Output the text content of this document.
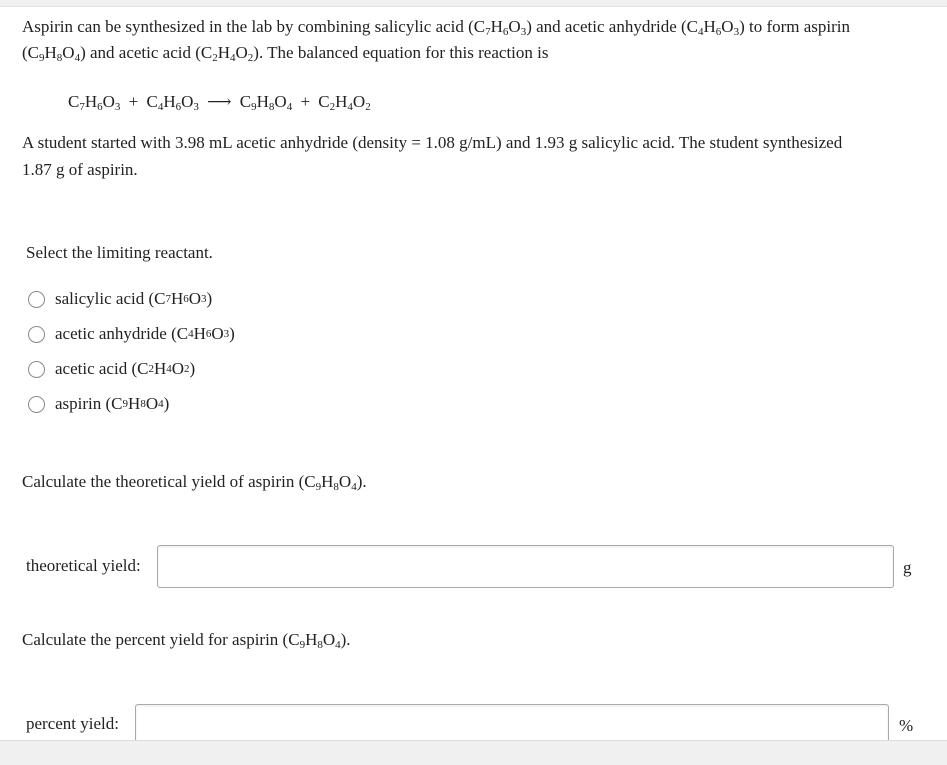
Aspirin can be synthesized in the lab by combining salicylic acid $(C_7H_6O_3)$ and acetic anhydride $(C_4H_6O_3)$ to form aspirin
$(C_9H_8O_4)$ and acetic acid $(C_2H_4O_2)$. The balanced equation for this reaction is
$C_7H_6O_3 + C_4H_6O_3$ ⟶ $C_9H_8O_4 + C_2H_4O_2$
A student started with 3.98 mL acetic anhydride (density = 1.08 g/mL) and 1.93 g salicylic acid. The student synthesized
1.87 g of aspirin.
Select the limiting reactant.
salicylic acid (C 7 H 6 O 3 )
acetic anhydride (C 4 H 6 O 3 )
acetic acid (C 2 H 4 O 2 )
aspirin (C 9 H 8 O 4 )
Calculate the theoretical yield of aspirin $(C_9H_8O_4)$.
theoretical yield:	g
Calculate the percent yield for aspirin $(C_9H_8O_4)$.
percent yield:	%
